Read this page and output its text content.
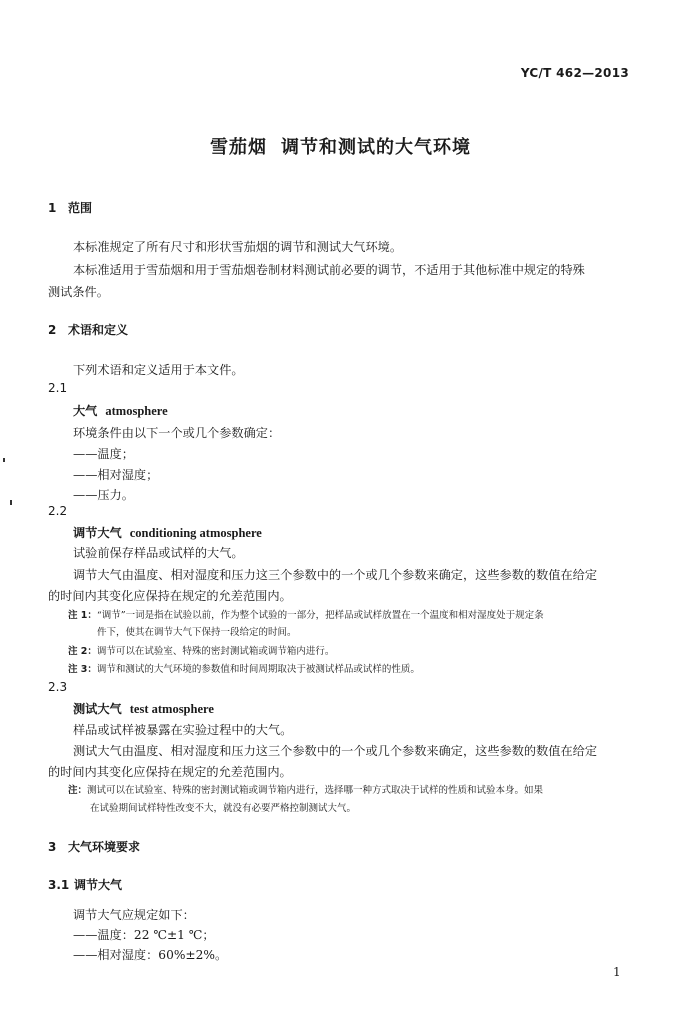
YC/T 462—2013
雪茄烟 调节和测试的大气环境
1 范围
本标准规定了所有尺寸和形状雪茄烟的调节和测试大气环境。
本标准适用于雪茄烟和用于雪茄烟卷制材料测试前必要的调节，不适用于其他标准中规定的特殊
测试条件。
2 术语和定义
下列术语和定义适用于本文件。
2.1
大气 atmosphere
环境条件由以下一个或几个参数确定：
——温度；
——相对湿度；
——压力。
2.2
调节大气 conditioning atmosphere
试验前保存样品或试样的大气。
调节大气由温度、相对湿度和压力这三个参数中的一个或几个参数来确定，这些参数的数值在给定
的时间内其变化应保持在规定的允差范围内。
注 1：“调节”一词是指在试验以前，作为整个试验的一部分，把样品或试样放置在一个温度和相对湿度处于规定条
件下，使其在调节大气下保持一段给定的时间。
注 2：调节可以在试验室、特殊的密封测试箱或调节箱内进行。
注 3：调节和测试的大气环境的参数值和时间周期取决于被测试样品或试样的性质。
2.3
测试大气 test atmosphere
样品或试样被暴露在实验过程中的大气。
测试大气由温度、相对湿度和压力这三个参数中的一个或几个参数来确定，这些参数的数值在给定
的时间内其变化应保持在规定的允差范围内。
注：测试可以在试验室、特殊的密封测试箱或调节箱内进行，选择哪一种方式取决于试样的性质和试验本身。如果
在试验期间试样特性改变不大，就没有必要严格控制测试大气。
3 大气环境要求
3.1 调节大气
调节大气应规定如下：
——温度：22 ℃±1 ℃；
——相对湿度：60%±2%。
1
